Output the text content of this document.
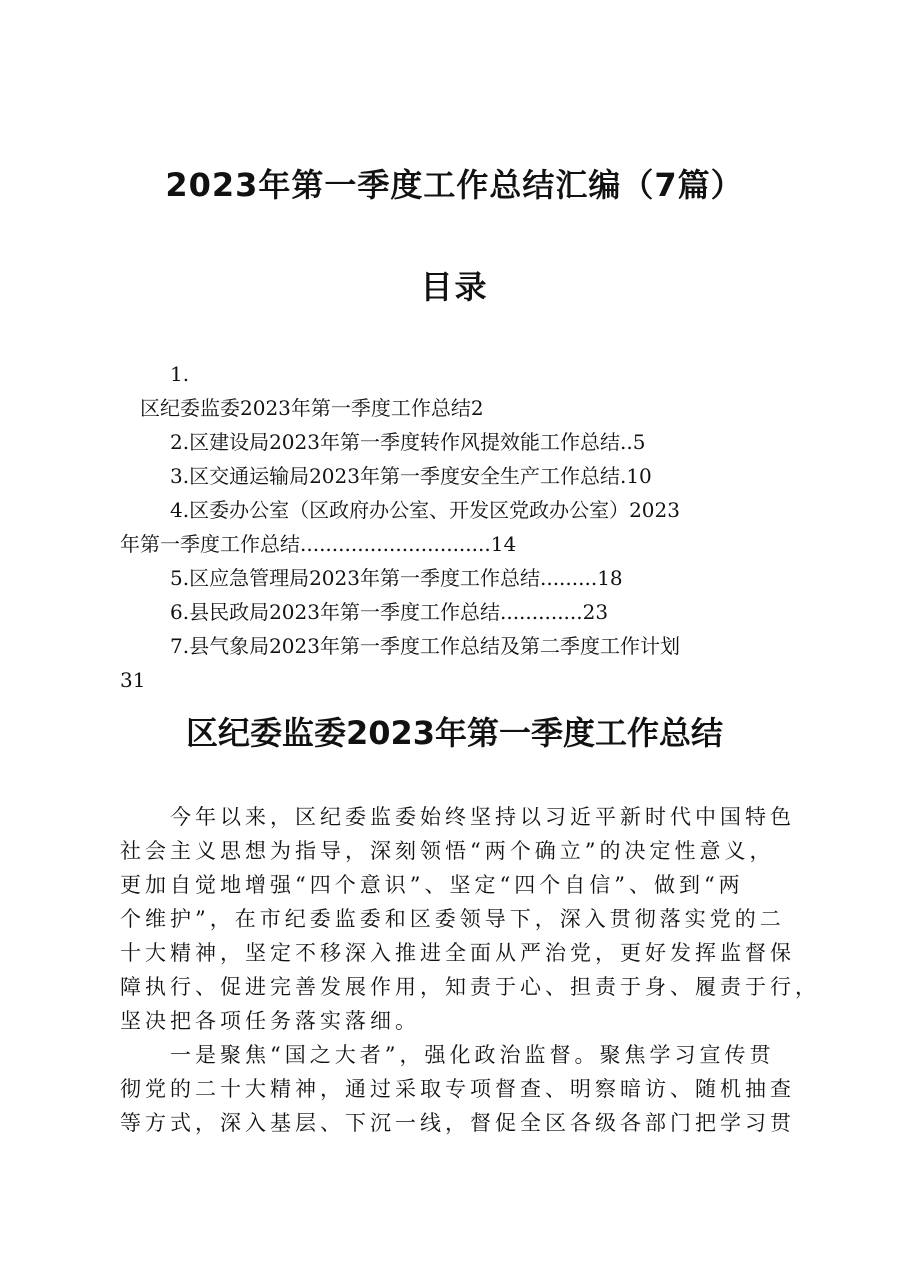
2023年第一季度工作总结汇编（7篇）
目录
1.
区纪委监委2023年第一季度工作总结2
2.区建设局2023年第一季度转作风提效能工作总结..5
3.区交通运输局2023年第一季度安全生产工作总结.10
4.区委办公室（区政府办公室、开发区党政办公室）2023
年第一季度工作总结..............................14
5.区应急管理局2023年第一季度工作总结.........18
6.县民政局2023年第一季度工作总结.............23
7.县气象局2023年第一季度工作总结及第二季度工作计划
31
区纪委监委2023年第一季度工作总结
今年以来，区纪委监委始终坚持以习近平新时代中国特色
社会主义思想为指导，深刻领悟“两个确立”的决定性意义，
更加自觉地增强“四个意识”、坚定“四个自信”、做到“两
个维护”，在市纪委监委和区委领导下，深入贯彻落实党的二
十大精神，坚定不移深入推进全面从严治党，更好发挥监督保
障执行、促进完善发展作用，知责于心、担责于身、履责于行，
坚决把各项任务落实落细。
一是聚焦“国之大者”，强化政治监督。聚焦学习宣传贯
彻党的二十大精神，通过采取专项督查、明察暗访、随机抽查
等方式，深入基层、下沉一线，督促全区各级各部门把学习贯
